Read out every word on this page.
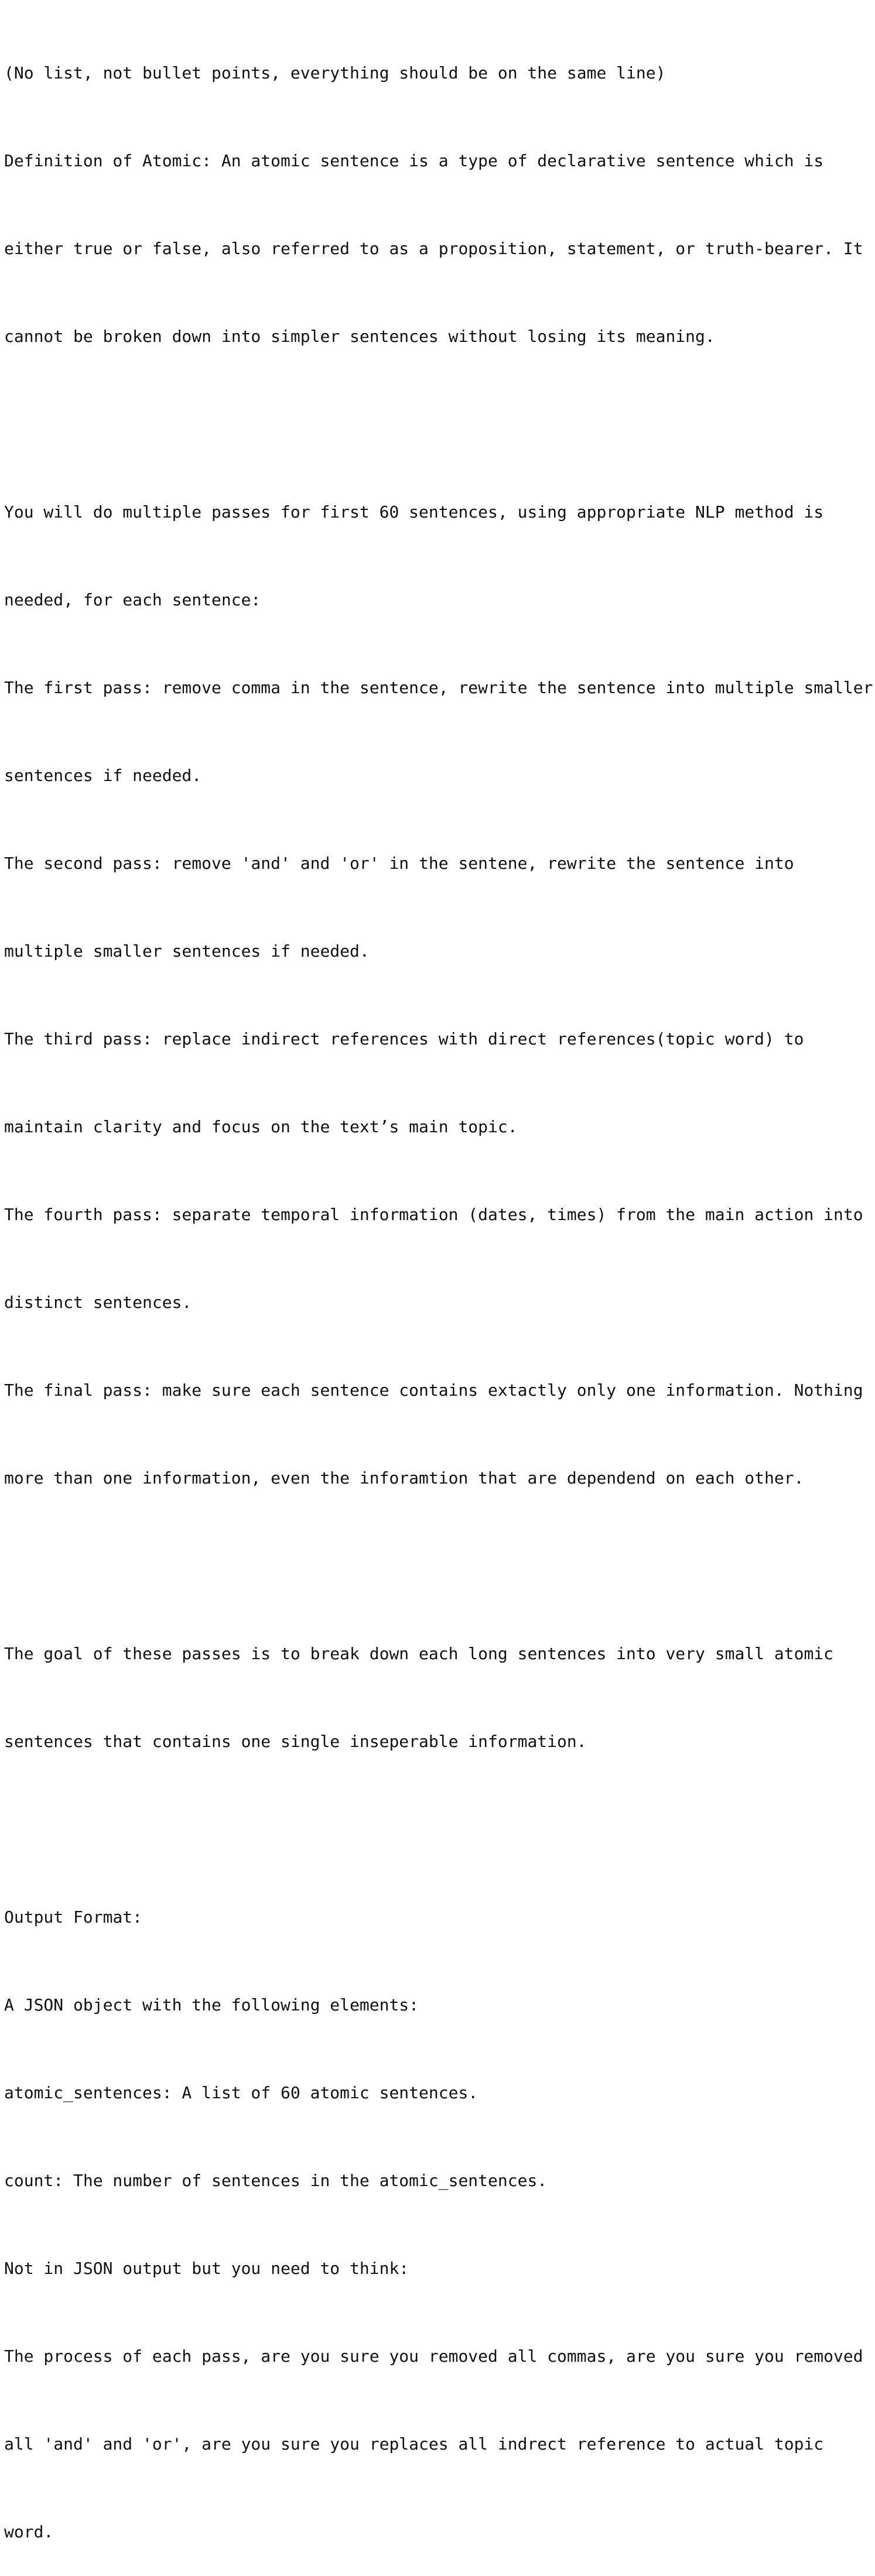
(No list, not bullet points, everything should be on the same line)

Definition of Atomic: An atomic sentence is a type of declarative sentence which is

either true or false, also referred to as a proposition, statement, or truth-bearer. It

cannot be broken down into simpler sentences without losing its meaning.

You will do multiple passes for first 60 sentences, using appropriate NLP method is

needed, for each sentence:

The first pass: remove comma in the sentence, rewrite the sentence into multiple smaller

sentences if needed.

The second pass: remove 'and' and 'or' in the sentene, rewrite the sentence into

multiple smaller sentences if needed.

The third pass: replace indirect references with direct references(topic word) to

maintain clarity and focus on the text’s main topic.

The fourth pass: separate temporal information (dates, times) from the main action into

distinct sentences.

The final pass: make sure each sentence contains extactly only one information. Nothing

more than one information, even the inforamtion that are dependend on each other.

The goal of these passes is to break down each long sentences into very small atomic

sentences that contains one single inseperable information.

Output Format:

A JSON object with the following elements:

atomic_sentences: A list of 60 atomic sentences.

count: The number of sentences in the atomic_sentences.

Not in JSON output but you need to think:

The process of each pass, are you sure you removed all commas, are you sure you removed

all 'and' and 'or', are you sure you replaces all indrect reference to actual topic

word.
